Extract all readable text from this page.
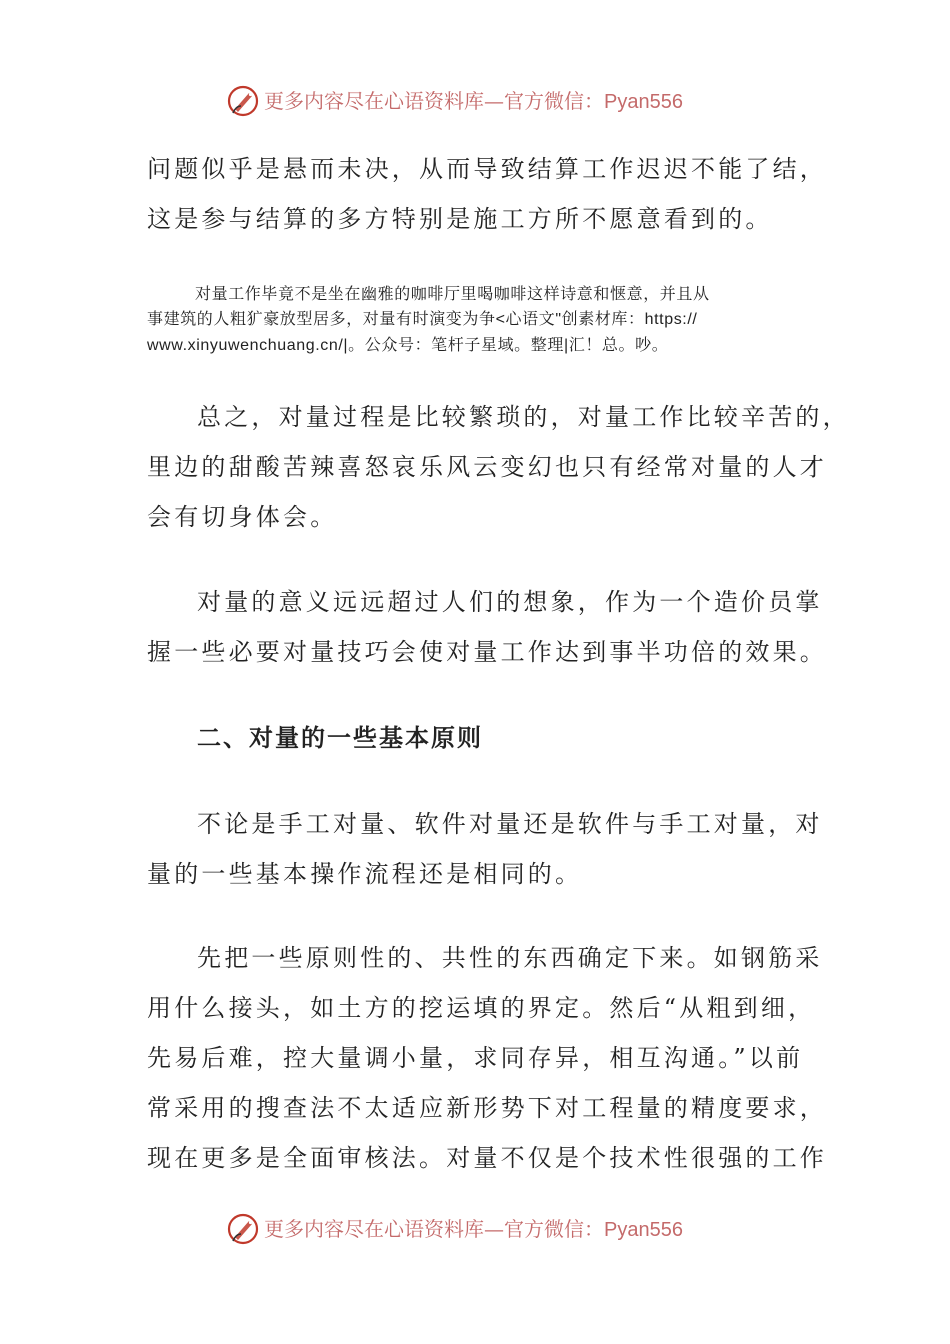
更多内容尽在心语资料库—官方微信：Pyan556

问题似乎是悬而未决，从而导致结算工作迟迟不能了结，
这是参与结算的多方特别是施工方所不愿意看到的。

对量工作毕竟不是坐在幽雅的咖啡厅里喝咖啡这样诗意和惬意，并且从
事建筑的人粗犷豪放型居多，对量有时演变为争<心语文"创素材库：https://
www.xinyuwenchuang.cn/|。公众号：笔杆子星域。整理|汇！总。吵。

总之，对量过程是比较繁琐的，对量工作比较辛苦的，
里边的甜酸苦辣喜怒哀乐风云变幻也只有经常对量的人才
会有切身体会。

对量的意义远远超过人们的想象，作为一个造价员掌
握一些必要对量技巧会使对量工作达到事半功倍的效果。

二、对量的一些基本原则

不论是手工对量、软件对量还是软件与手工对量，对
量的一些基本操作流程还是相同的。

先把一些原则性的、共性的东西确定下来。如钢筋采
用什么接头，如土方的挖运填的界定。然后“从粗到细，
先易后难，控大量调小量，求同存异，相互沟通。”以前
常采用的搜查法不太适应新形势下对工程量的精度要求，
现在更多是全面审核法。对量不仅是个技术性很强的工作

更多内容尽在心语资料库—官方微信：Pyan556
